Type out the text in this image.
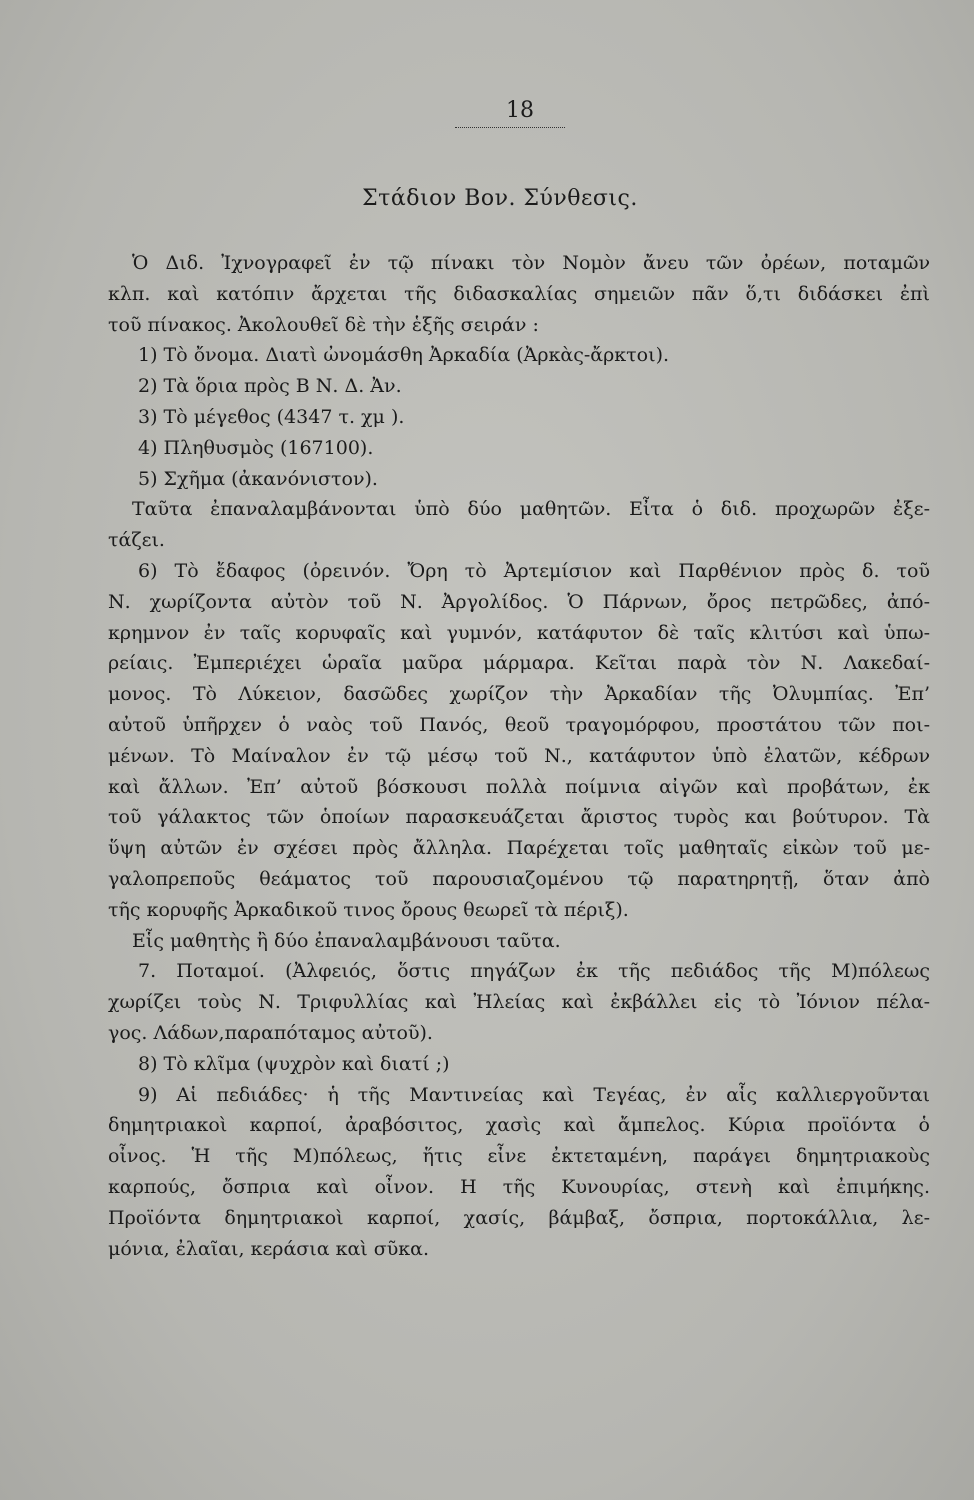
18
Στάδιον Βον. Σύνθεσις.
Ὁ Διδ. Ἰχνογραφεῖ ἐν τῷ πίνακι τὸν Νομὸν ἄνευ τῶν ὀρέων, ποταμῶν
κλπ. καὶ κατόπιν ἄρχεται τῆς διδασκαλίας σημειῶν πᾶν ὅ,τι διδάσκει ἐπὶ
τοῦ πίνακος. Ἀκολουθεῖ δὲ τὴν ἑξῆς σειράν :
1) Τὸ ὄνομα. Διατὶ ὠνομάσθη Ἀρκαδία (Ἀρκὰς-ἄρκτοι).
2) Τὰ ὅρια πρὸς Β Ν. Δ. Ἀν.
3) Τὸ μέγεθος (4347 τ. χμ ).
4) Πληθυσμὸς (167100).
5) Σχῆμα (ἀκανόνιστον).
Ταῦτα ἐπαναλαμβάνονται ὑπὸ δύο μαθητῶν. Εἶτα ὁ διδ. προχωρῶν ἐξε-
τάζει.
6) Τὸ ἔδαφος (ὀρεινόν. Ὄρη τὸ Ἀρτεμίσιον καὶ Παρθένιον πρὸς δ. τοῦ
Ν. χωρίζοντα αὐτὸν τοῦ Ν. Ἀργολίδος. Ὁ Πάρνων, ὄρος πετρῶδες, ἀπό-
κρημνον ἐν ταῖς κορυφαῖς καὶ γυμνόν, κατάφυτον δὲ ταῖς κλιτύσι καὶ ὑπω-
ρείαις. Ἐμπεριέχει ὡραῖα μαῦρα μάρμαρα. Κεῖται παρὰ τὸν Ν. Λακεδαί-
μονος. Τὸ Λύκειον, δασῶδες χωρίζον τὴν Ἀρκαδίαν τῆς Ὀλυμπίας. Ἐπ’
αὐτοῦ ὑπῆρχεν ὁ ναὸς τοῦ Πανός, θεοῦ τραγομόρφου, προστάτου τῶν ποι-
μένων. Τὸ Μαίναλον ἐν τῷ μέσῳ τοῦ Ν., κατάφυτον ὑπὸ ἐλατῶν, κέδρων
καὶ ἄλλων. Ἐπ’ αὐτοῦ βόσκουσι πολλὰ ποίμνια αἰγῶν καὶ προβάτων, ἐκ
τοῦ γάλακτος τῶν ὁποίων παρασκευάζεται ἄριστος τυρὸς και βούτυρον. Τὰ
ὕψη αὐτῶν ἐν σχέσει πρὸς ἄλληλα. Παρέχεται τοῖς μαθηταῖς εἰκὼν τοῦ με-
γαλοπρεποῦς θεάματος τοῦ παρουσιαζομένου τῷ παρατηρητῇ, ὅταν ἀπὸ
τῆς κορυφῆς Ἀρκαδικοῦ τινος ὄρους θεωρεῖ τὰ πέριξ).
Εἷς μαθητὴς ἢ δύο ἐπαναλαμβάνουσι ταῦτα.
7. Ποταμοί. (Ἀλφειός, ὅστις πηγάζων ἐκ τῆς πεδιάδος τῆς Μ)πόλεως
χωρίζει τοὺς Ν. Τριφυλλίας καὶ Ἠλείας καὶ ἐκβάλλει εἰς τὸ Ἰόνιον πέλα-
γος. Λάδων,παραπόταμος αὐτοῦ).
8) Τὸ κλῖμα (ψυχρὸν καὶ διατί ;)
9) Αἱ πεδιάδες· ἡ τῆς Μαντινείας καὶ Τεγέας, ἐν αἷς καλλιεργοῦνται
δημητριακοὶ καρποί, ἀραβόσιτος, χασὶς καὶ ἄμπελος. Κύρια προϊόντα ὁ
οἶνος. Ἡ τῆς Μ)πόλεως, ἥτις εἶνε ἐκτεταμένη, παράγει δημητριακοὺς
καρπούς, ὄσπρια καὶ οἶνον. Η τῆς Κυνουρίας, στενὴ καὶ ἐπιμήκης.
Προϊόντα δημητριακοὶ καρποί, χασίς, βάμβαξ, ὄσπρια, πορτοκάλλια, λε-
μόνια, ἐλαῖαι, κεράσια καὶ σῦκα.
